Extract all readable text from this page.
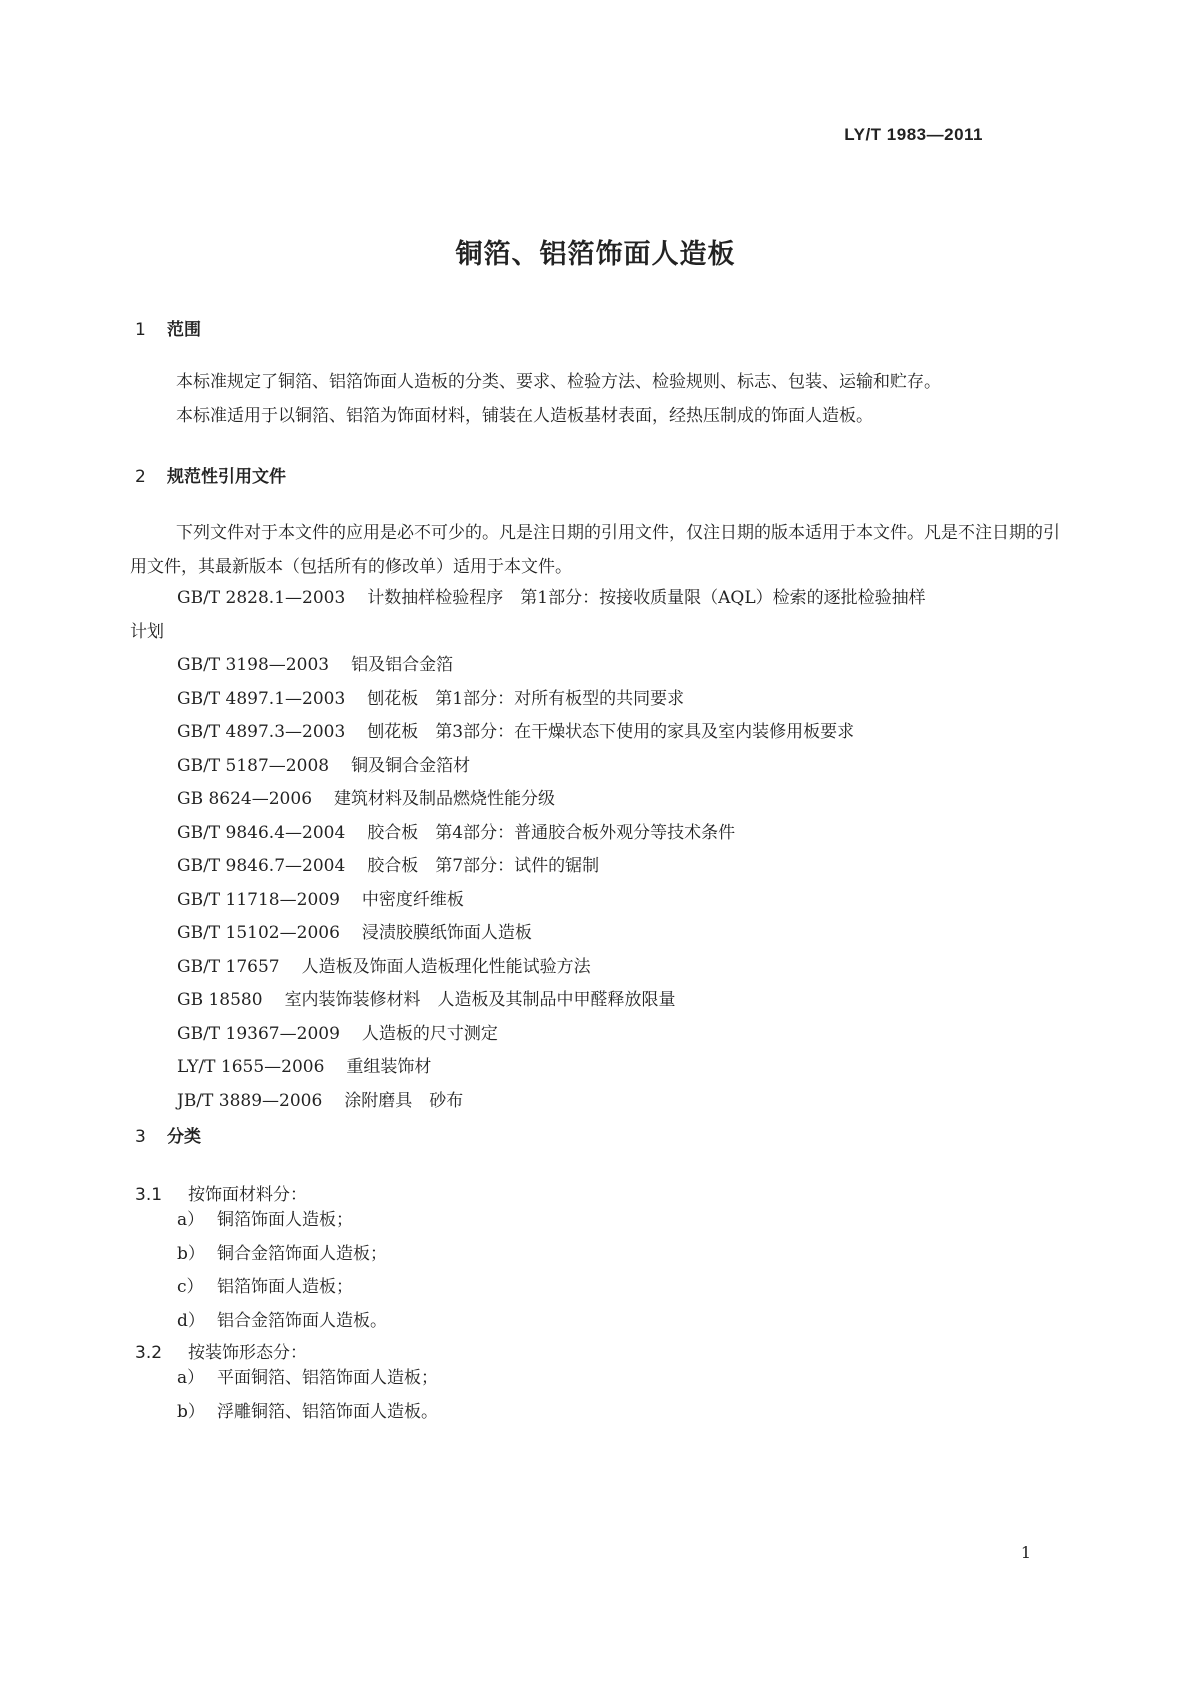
LY/T 1983—2011
铜箔、铝箔饰面人造板
1 范围

本标准规定了铜箔、铝箔饰面人造板的分类、要求、检验方法、检验规则、标志、包装、运输和贮存。

本标准适用于以铜箔、铝箔为饰面材料，铺装在人造板基材表面，经热压制成的饰面人造板。

2 规范性引用文件

下列文件对于本文件的应用是必不可少的。凡是注日期的引用文件，仅注日期的版本适用于本文件。凡是不注日期的引用文件，其最新版本（包括所有的修改单）适用于本文件。

GB/T 2828.1—2003 计数抽样检验程序　第1部分：按接收质量限（AQL）检索的逐批检验抽样
计划
GB/T 3198—2003 铝及铝合金箔
GB/T 4897.1—2003 刨花板　第1部分：对所有板型的共同要求
GB/T 4897.3—2003 刨花板　第3部分：在干燥状态下使用的家具及室内装修用板要求
GB/T 5187—2008 铜及铜合金箔材
GB 8624—2006 建筑材料及制品燃烧性能分级
GB/T 9846.4—2004 胶合板　第4部分：普通胶合板外观分等技术条件
GB/T 9846.7—2004 胶合板　第7部分：试件的锯制
GB/T 11718—2009 中密度纤维板
GB/T 15102—2006 浸渍胶膜纸饰面人造板
GB/T 17657 人造板及饰面人造板理化性能试验方法
GB 18580 室内装饰装修材料　人造板及其制品中甲醛释放限量
GB/T 19367—2009 人造板的尺寸测定
LY/T 1655—2006 重组装饰材
JB/T 3889—2006 涂附磨具　砂布
3 分类
3.1 按饰面材料分：
a） 铜箔饰面人造板；
b） 铜合金箔饰面人造板；
c） 铝箔饰面人造板；
d） 铝合金箔饰面人造板。
3.2 按装饰形态分：
a） 平面铜箔、铝箔饰面人造板；
b） 浮雕铜箔、铝箔饰面人造板。
1
